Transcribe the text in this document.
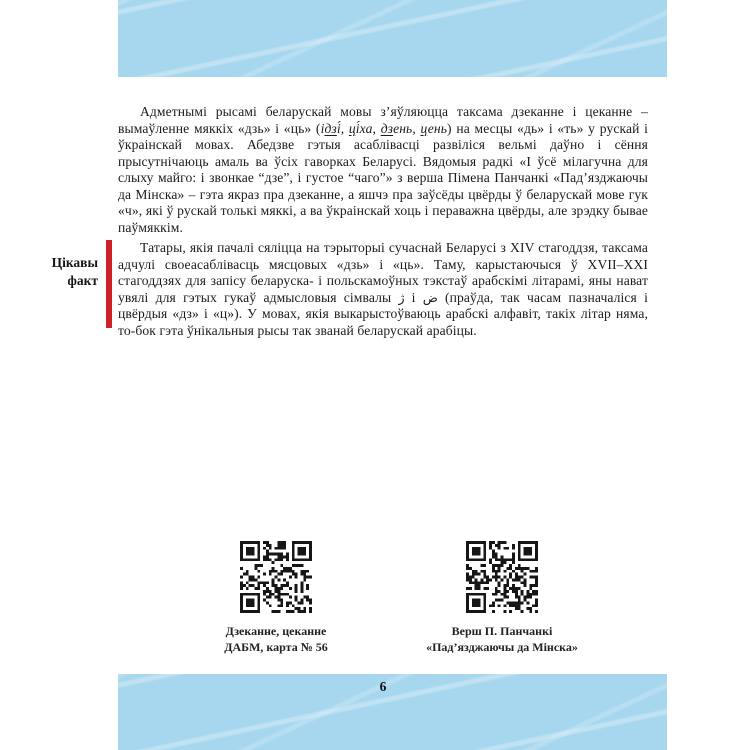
Адметнымі рысамі беларускай мовы з’яўляюцца таксама дзеканне і цеканне – вымаўленне мяккіх «дзь» і «ць» (ідзі́, ці́ха, дзень, цень) на месцы «дь» і «ть» у рускай і ўкраінскай мовах. Абедзве гэтыя асаблівасці развіліся вельмі даўно і сёння прысутнічаюць амаль ва ўсіх гаворках Беларусі. Вядомыя радкі «І ўсё мілагучна для слыху майго: і звонкае “дзе”, і густое “чаго”» з верша Пімена Панчанкі «Пад’язджаючы да Мінска» – гэта якраз пра дзеканне, а яшчэ пра заўсёды цвёрды ў беларускай мове гук «ч», які ў рускай толькі мяккі, а ва ўкраінскай хоць і пераважна цвёрды, але зрэдку бывае паўмяккім.

Цікавы
факт

Татары, якія пачалі сяліцца на тэрыторыі сучаснай Беларусі з XIV стагоддзя, таксама адчулі своеасаблівасць мясцовых «дзь» і «ць». Таму, карыстаючыся ў XVII–XXI стагоддзях для запісу беларуска- і польскамоўных тэкстаў арабскімі літарамі, яны нават увялі для гэтых гукаў адмысловыя сімвалы ژ і ض (праўда, так часам пазначаліся і цвёрдыя «дз» і «ц»). У мовах, якія выкарыстоўваюць арабскі алфавіт, такіх літар няма, то-бок гэта ўнікальныя рысы так званай беларускай арабіцы.

Дзеканне, цеканне
ДАБМ, карта № 56
Верш П. Панчанкі
«Пад’язджаючы да Мінска»
6
